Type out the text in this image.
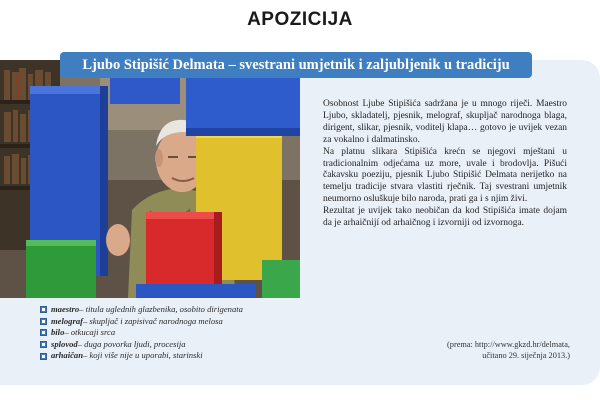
APOZICIJA
Ljubo Stipišić Delmata – svestrani umjetnik i zaljubljenik u tradiciju
maestro – titula uglednih glazbenika, osobito dirigenata
melograf – skupljač i zapisivač narodnoga melosa
bilo – otkucaji srca
splovod – duga povorka ljudi, procesija
arhaičan – koji više nije u uporabi, starinski

Osobnost Ljube Stipišića sadržana je u mnogo riječi. Maestro Ljubo, skladatelj, pjesnik, melograf, skupljač narodnoga blaga, dirigent, slikar, pjesnik, voditelj klapa… gotovo je uvijek vezan za vokalno i dalmatinsko.

Na platnu slikara Stipišića krećn se njegovi mještani u tradicionalnim odjećama uz more, uvale i brodovlja. Pišući čakavsku poeziju, pjesnik Ljubo Stipišić Delmata nerijetko na temelju tradicije stvara vlastiti rječnik. Taj svestrani umjetnik neumorno osluškuje bilo naroda, prati ga i s njim živi.

Rezultat je uvijek tako neobičan da kod Stipišića imate dojam da je arhaičnijí od arhaičnog i izvorniji od izvornoga.

(prema: http://www.gkzd.hr/delmata,
učitano 29. siječnja 2013.)
